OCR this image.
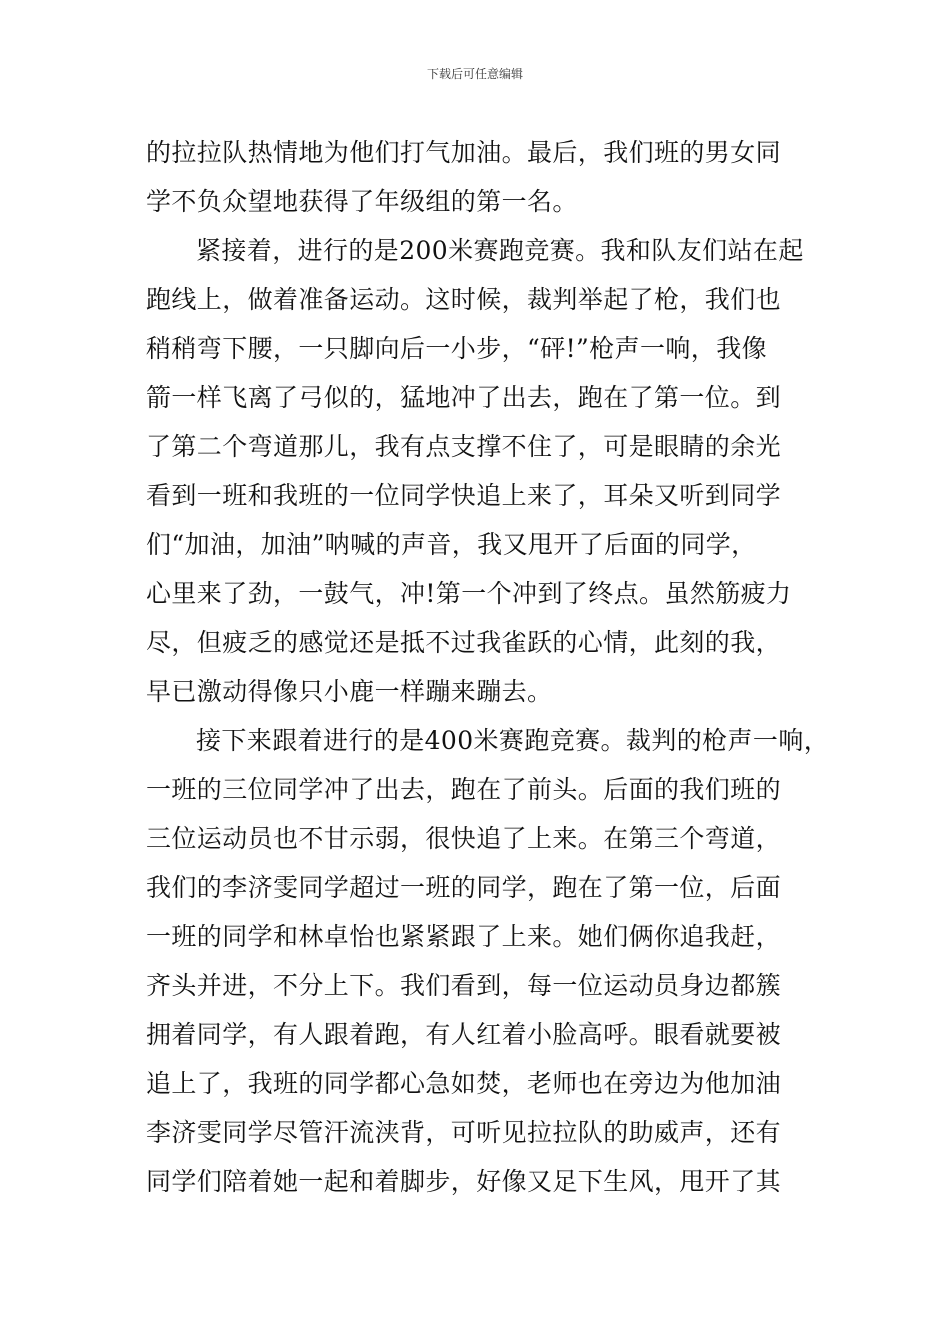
下载后可任意编辑
的拉拉队热情地为他们打气加油。最后，我们班的男女同
学不负众望地获得了年级组的第一名。
紧接着，进行的是200米赛跑竞赛。我和队友们站在起
跑线上，做着准备运动。这时候，裁判举起了枪，我们也
稍稍弯下腰，一只脚向后一小步，“砰!”枪声一响，我像
箭一样飞离了弓似的，猛地冲了出去，跑在了第一位。到
了第二个弯道那儿，我有点支撑不住了，可是眼睛的余光
看到一班和我班的一位同学快追上来了，耳朵又听到同学
们“加油，加油”呐喊的声音，我又甩开了后面的同学，
心里来了劲，一鼓气，冲!第一个冲到了终点。虽然筋疲力
尽，但疲乏的感觉还是抵不过我雀跃的心情，此刻的我，
早已激动得像只小鹿一样蹦来蹦去。
接下来跟着进行的是400米赛跑竞赛。裁判的枪声一响，
一班的三位同学冲了出去，跑在了前头。后面的我们班的
三位运动员也不甘示弱，很快追了上来。在第三个弯道，
我们的李济雯同学超过一班的同学，跑在了第一位，后面
一班的同学和林卓怡也紧紧跟了上来。她们俩你追我赶，
齐头并进，不分上下。我们看到，每一位运动员身边都簇
拥着同学，有人跟着跑，有人红着小脸高呼。眼看就要被
追上了，我班的同学都心急如焚，老师也在旁边为他加油
李济雯同学尽管汗流浃背，可听见拉拉队的助威声，还有
同学们陪着她一起和着脚步，好像又足下生风，甩开了其
